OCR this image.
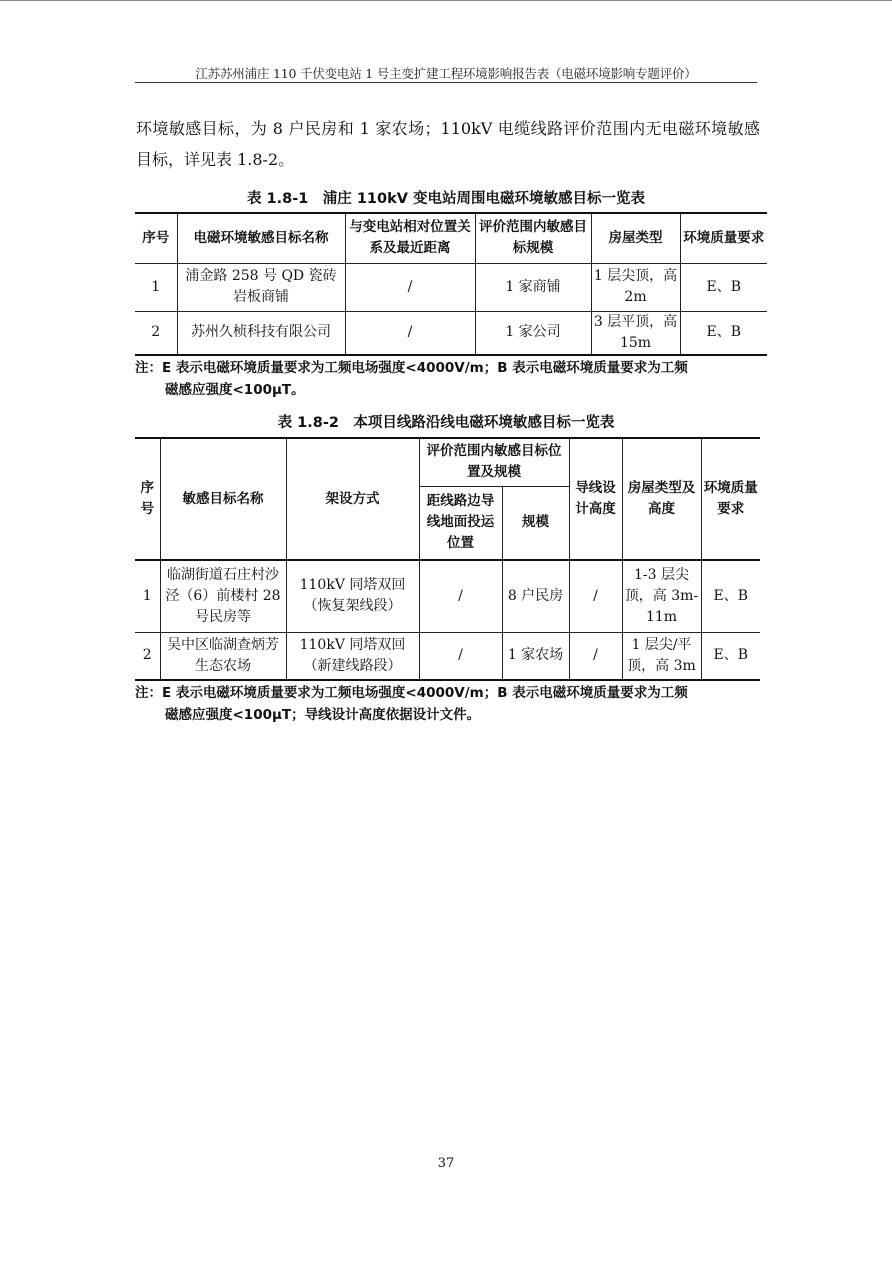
江苏苏州浦庄 110 千伏变电站 1 号主变扩建工程环境影响报告表（电磁环境影响专题评价）
环境敏感目标，为 8 户民房和 1 家农场；110kV 电缆线路评价范围内无电磁环境敏感目标，详见表 1.8-2。
表 1.8-1　浦庄 110kV 变电站周围电磁环境敏感目标一览表
序号	电磁环境敏感目标名称	与变电站相对位置关系及最近距离	评价范围内敏感目标规模	房屋类型	环境质量要求
1	浦金路 258 号 QD 瓷砖岩板商铺	/	1 家商铺	1 层尖顶，高 2m	E、B
2	苏州久桢科技有限公司	/	1 家公司	3 层平顶，高 15m	E、B
注：E 表示电磁环境质量要求为工频电场强度<4000V/m；B 表示电磁环境质量要求为工频
磁感应强度<100μT。
表 1.8-2　本项目线路沿线电磁环境敏感目标一览表
序号	敏感目标名称	架设方式	评价范围内敏感目标位置及规模		导线设计高度	房屋类型及高度	环境质量要求
			距线路边导线地面投运位置	规模			
1	临湖街道石庄村沙泾（6）前楼村 28 号民房等	110kV 同塔双回（恢复架线段）	/	8 户民房	/	1-3 层尖顶，高 3m-11m	E、B
2	吴中区临湖查炳芳生态农场	110kV 同塔双回（新建线路段）	/	1 家农场	/	1 层尖/平顶，高 3m	E、B
注：E 表示电磁环境质量要求为工频电场强度<4000V/m；B 表示电磁环境质量要求为工频
磁感应强度<100μT；导线设计高度依据设计文件。
37
